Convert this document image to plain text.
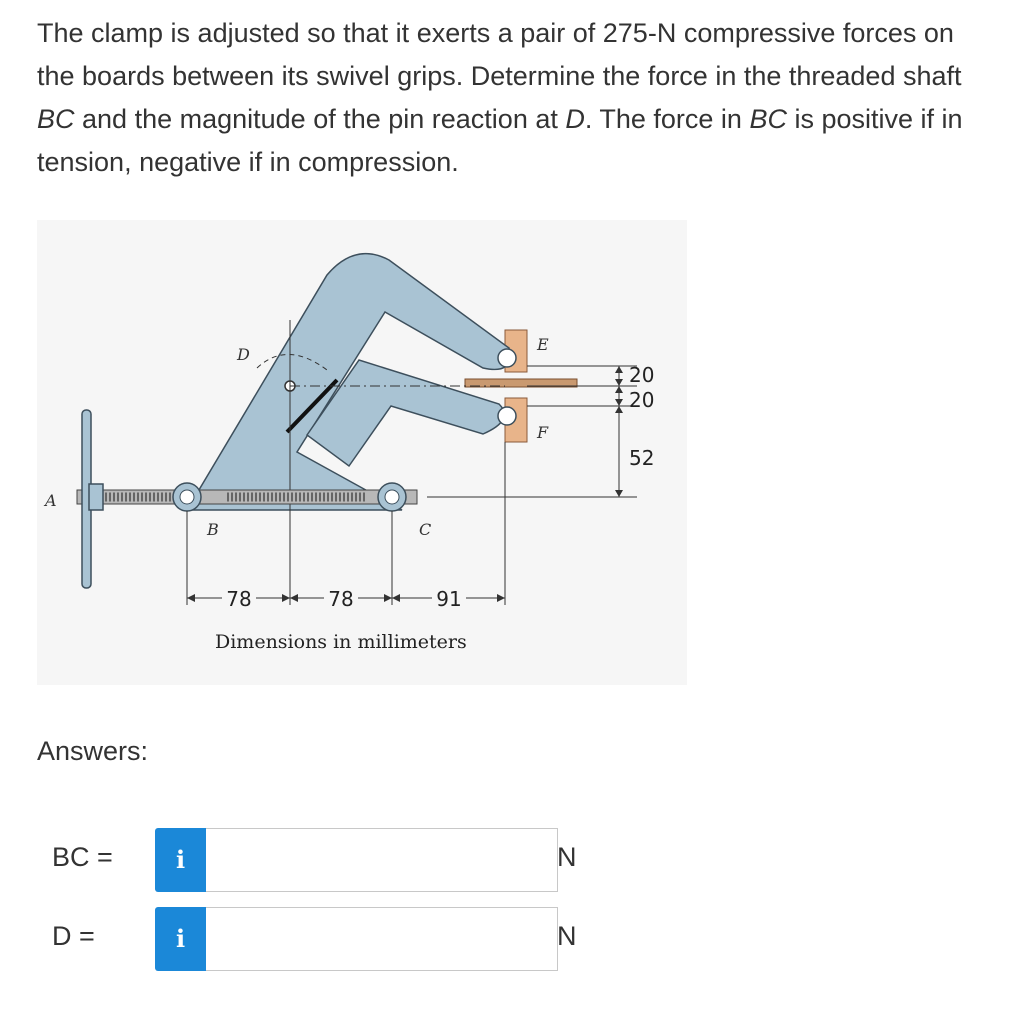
The clamp is adjusted so that it exerts a pair of 275-N compressive forces on the boards between its swivel grips. Determine the force in the threaded shaft BC and the magnitude of the pin reaction at D. The force in BC is positive if in tension, negative if in compression.
78	78	91
20
20
52
A
B	C
D
E
F
Dimensions in millimeters
Answers:
BC =	i	N
D =	i	N
